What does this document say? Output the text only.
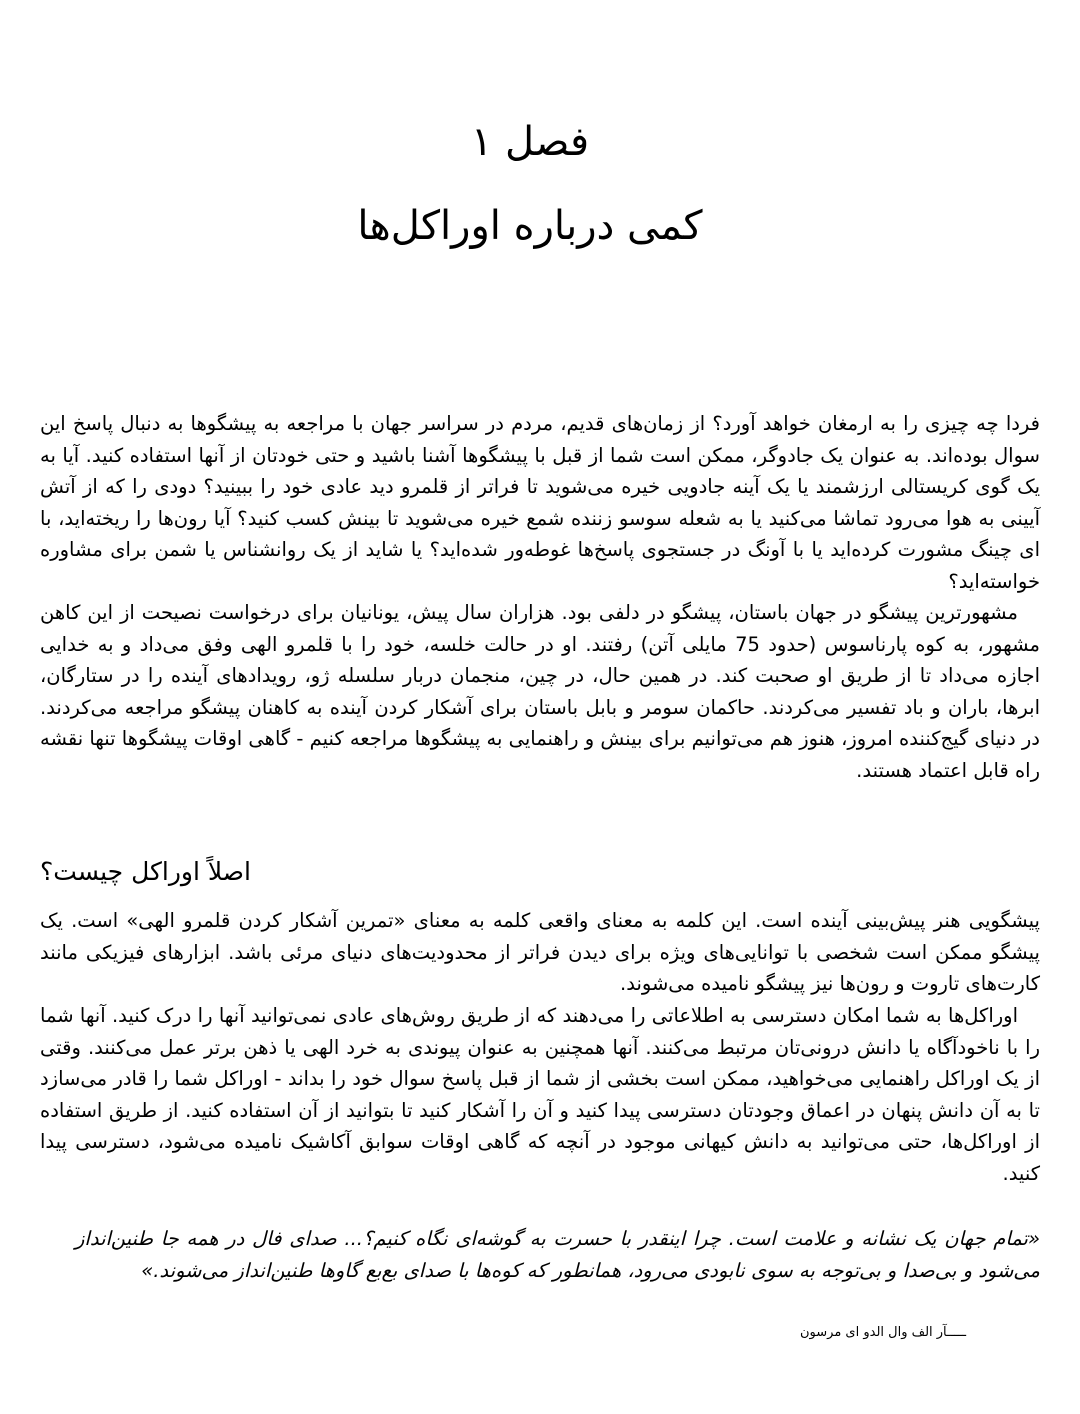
فصل ۱
کمی درباره اوراکل‌ها

فردا چه چیزی را به ارمغان خواهد آورد؟ از زمان‌های قدیم، مردم در سراسر جهان با مراجعه به پیشگوها به دنبال پاسخ این سوال بوده‌اند. به عنوان یک جادوگر، ممکن است شما از قبل با پیشگوها آشنا باشید و حتی خودتان از آنها استفاده کنید. آیا به یک گوی کریستالی ارزشمند یا یک آینه جادویی خیره می‌شوید تا فراتر از قلمرو دید عادی خود را ببینید؟ دودی را که از آتش آیینی به هوا می‌رود تماشا می‌کنید یا به شعله سوسو زننده شمع خیره می‌شوید تا بینش کسب کنید؟ آیا رون‌ها را ریخته‌اید، با ای چینگ مشورت کرده‌اید یا با آونگ در جستجوی پاسخ‌ها غوطه‌ور شده‌اید؟ یا شاید از یک روانشناس یا شمن برای مشاوره خواسته‌اید؟

مشهورترین پیشگو در جهان باستان، پیشگو در دلفی بود. هزاران سال پیش، یونانیان برای درخواست نصیحت از این کاهن مشهور، به کوه پارناسوس (حدود 75 مایلی آتن) رفتند. او در حالت خلسه، خود را با قلمرو الهی وفق می‌داد و به خدایی اجازه می‌داد تا از طریق او صحبت کند. در همین حال، در چین، منجمان دربار سلسله ژو، رویدادهای آینده را در ستارگان، ابرها، باران و باد تفسیر می‌کردند. حاکمان سومر و بابل باستان برای آشکار کردن آینده به کاهنان پیشگو مراجعه می‌کردند. در دنیای گیج‌کننده امروز، هنوز هم می‌توانیم برای بینش و راهنمایی به پیشگوها مراجعه کنیم - گاهی اوقات پیشگوها تنها نقشه راه قابل اعتماد هستند.

اصلاً اوراکل چیست؟

پیشگویی هنر پیش‌بینی آینده است. این کلمه به معنای واقعی کلمه به معنای «تمرین آشکار کردن قلمرو الهی» است. یک پیشگو ممکن است شخصی با توانایی‌های ویژه برای دیدن فراتر از محدودیت‌های دنیای مرئی باشد. ابزارهای فیزیکی مانند کارت‌های تاروت و رون‌ها نیز پیشگو نامیده می‌شوند.

اوراکل‌ها به شما امکان دسترسی به اطلاعاتی را می‌دهند که از طریق روش‌های عادی نمی‌توانید آنها را درک کنید. آنها شما را با ناخودآگاه یا دانش درونی‌تان مرتبط می‌کنند. آنها همچنین به عنوان پیوندی به خرد الهی یا ذهن برتر عمل می‌کنند. وقتی از یک اوراکل راهنمایی می‌خواهید، ممکن است بخشی از شما از قبل پاسخ سوال خود را بداند - اوراکل شما را قادر می‌سازد تا به آن دانش پنهان در اعماق وجودتان دسترسی پیدا کنید و آن را آشکار کنید تا بتوانید از آن استفاده کنید. از طریق استفاده از اوراکل‌ها، حتی می‌توانید به دانش کیهانی موجود در آنچه که گاهی اوقات سوابق آکاشیک نامیده می‌شود، دسترسی پیدا کنید.

«تمام جهان یک نشانه و علامت است. چرا اینقدر با حسرت به گوشه‌ای نگاه کنیم؟... صدای فال در همه جا طنین‌انداز می‌شود و بی‌صدا و بی‌توجه به سوی نابودی می‌رود، همانطور که کوه‌ها با صدای بع‌بع گاوها طنین‌انداز می‌شوند.»

ـــــآر الف وال الدو ای مرسون
